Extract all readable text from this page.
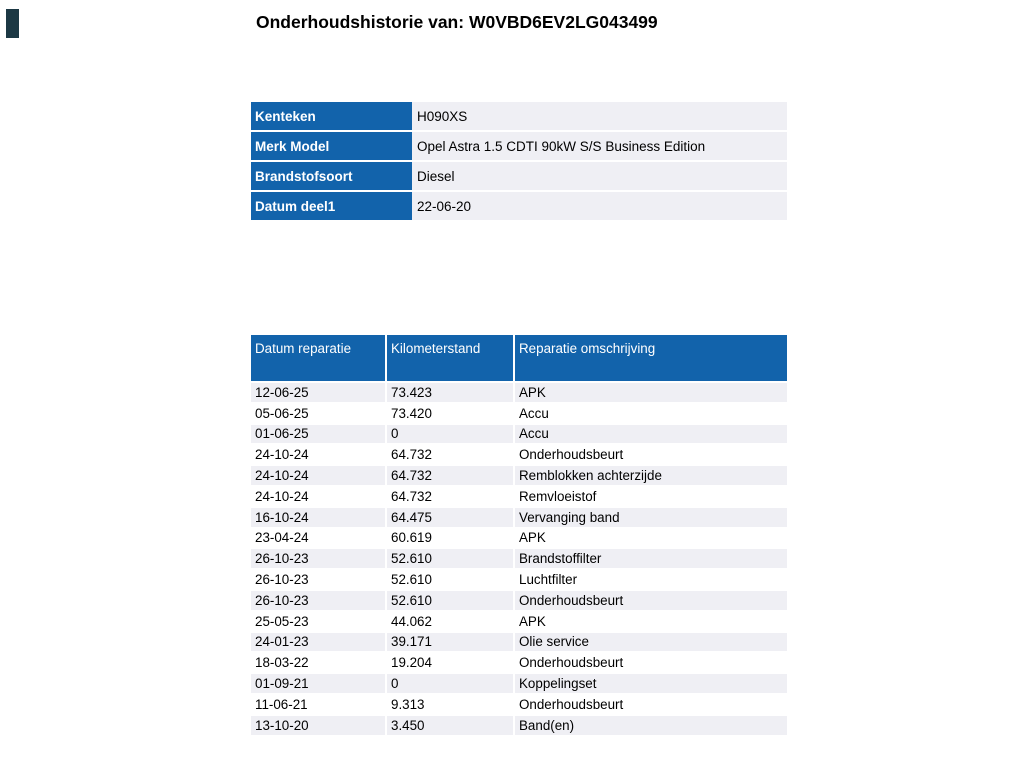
Onderhoudshistorie van: W0VBD6EV2LG043499
Kenteken	H090XS
Merk Model	Opel Astra 1.5 CDTI 90kW S/S Business Edition
Brandstofsoort	Diesel
Datum deel1	22-06-20
Datum reparatie	Kilometerstand	Reparatie omschrijving
12-06-25	73.423	APK
05-06-25	73.420	Accu
01-06-25	0	Accu
24-10-24	64.732	Onderhoudsbeurt
24-10-24	64.732	Remblokken achterzijde
24-10-24	64.732	Remvloeistof
16-10-24	64.475	Vervanging band
23-04-24	60.619	APK
26-10-23	52.610	Brandstoffilter
26-10-23	52.610	Luchtfilter
26-10-23	52.610	Onderhoudsbeurt
25-05-23	44.062	APK
24-01-23	39.171	Olie service
18-03-22	19.204	Onderhoudsbeurt
01-09-21	0	Koppelingset
11-06-21	9.313	Onderhoudsbeurt
13-10-20	3.450	Band(en)
